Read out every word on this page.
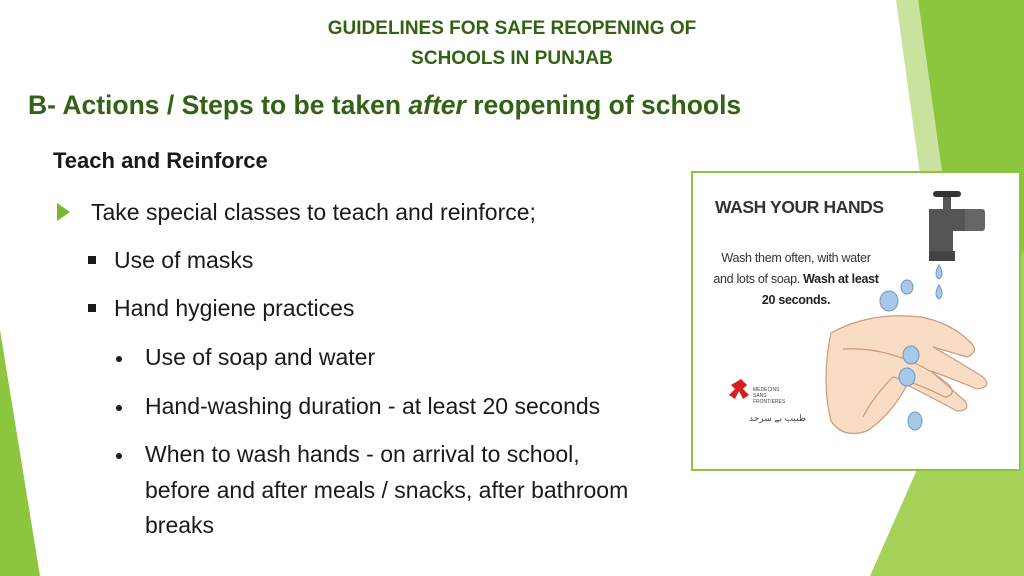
GUIDELINES FOR SAFE REOPENING OF
SCHOOLS IN PUNJAB
B- Actions / Steps to be taken after reopening of schools
Teach and Reinforce
Take special classes to teach and reinforce;
Use of masks
Hand hygiene practices
Use of soap and water
Hand-washing duration - at least 20 seconds
When to wash hands - on arrival to school,
before and after meals / snacks, after bathroom
breaks
WASH YOUR HANDS
Wash them often, with water and lots of soap. Wash at least 20 seconds.
MEDECINS SANS FRONTIERES
طبیب بے سرحد
